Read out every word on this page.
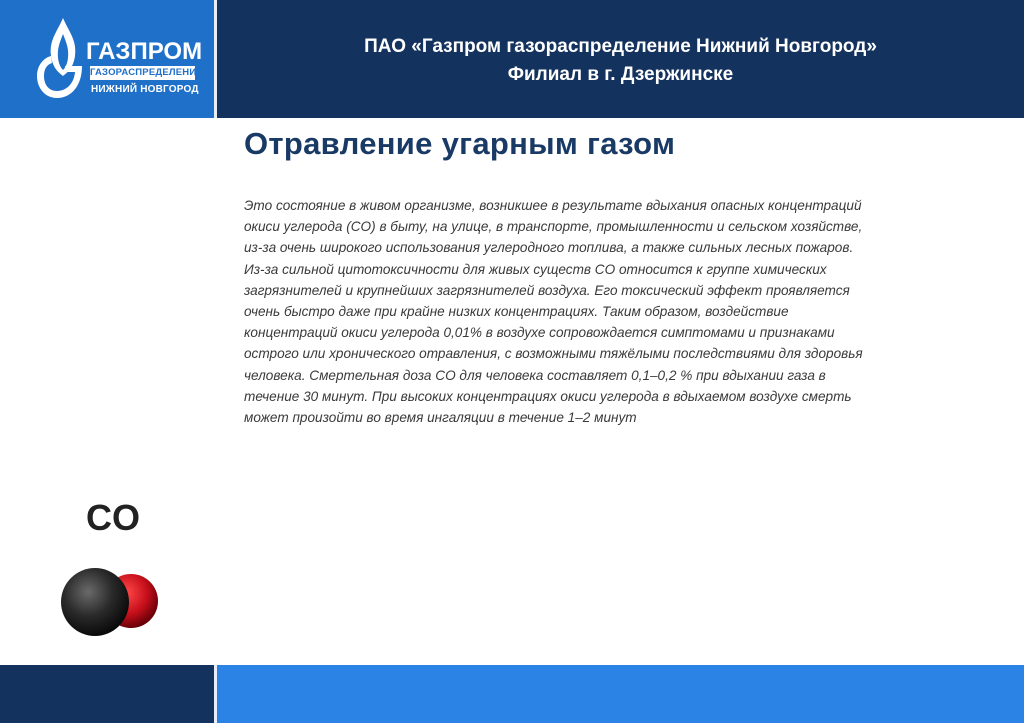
ГАЗПРОМ
ГАЗОРАСПРЕДЕЛЕНИЕ
НИЖНИЙ НОВГОРОД
ПАО «Газпром газораспределение Нижний Новгород»
Филиал в г. Дзержинске
Отравление угарным газом
Это состояние в живом организме, возникшее в результате вдыхания опасных концентраций
окиси углерода (CO) в быту, на улице, в транспорте, промышленности и сельском хозяйстве,
из-за очень широкого использования углеродного топлива, а также сильных лесных пожаров.
Из-за сильной цитотоксичности для живых существ CO относится к группе химических
загрязнителей и крупнейших загрязнителей воздуха. Его токсический эффект проявляется
очень быстро даже при крайне низких концентрациях. Таким образом, воздействие
концентраций окиси углерода 0,01% в воздухе сопровождается симптомами и признаками
острого или хронического отравления, с возможными тяжёлыми последствиями для здоровья
человека. Смертельная доза CO для человека составляет 0,1–0,2 % при вдыхании газа в
течение 30 минут. При высоких концентрациях окиси углерода в вдыхаемом воздухе смерть
может произойти во время ингаляции в течение 1–2 минут
CO
